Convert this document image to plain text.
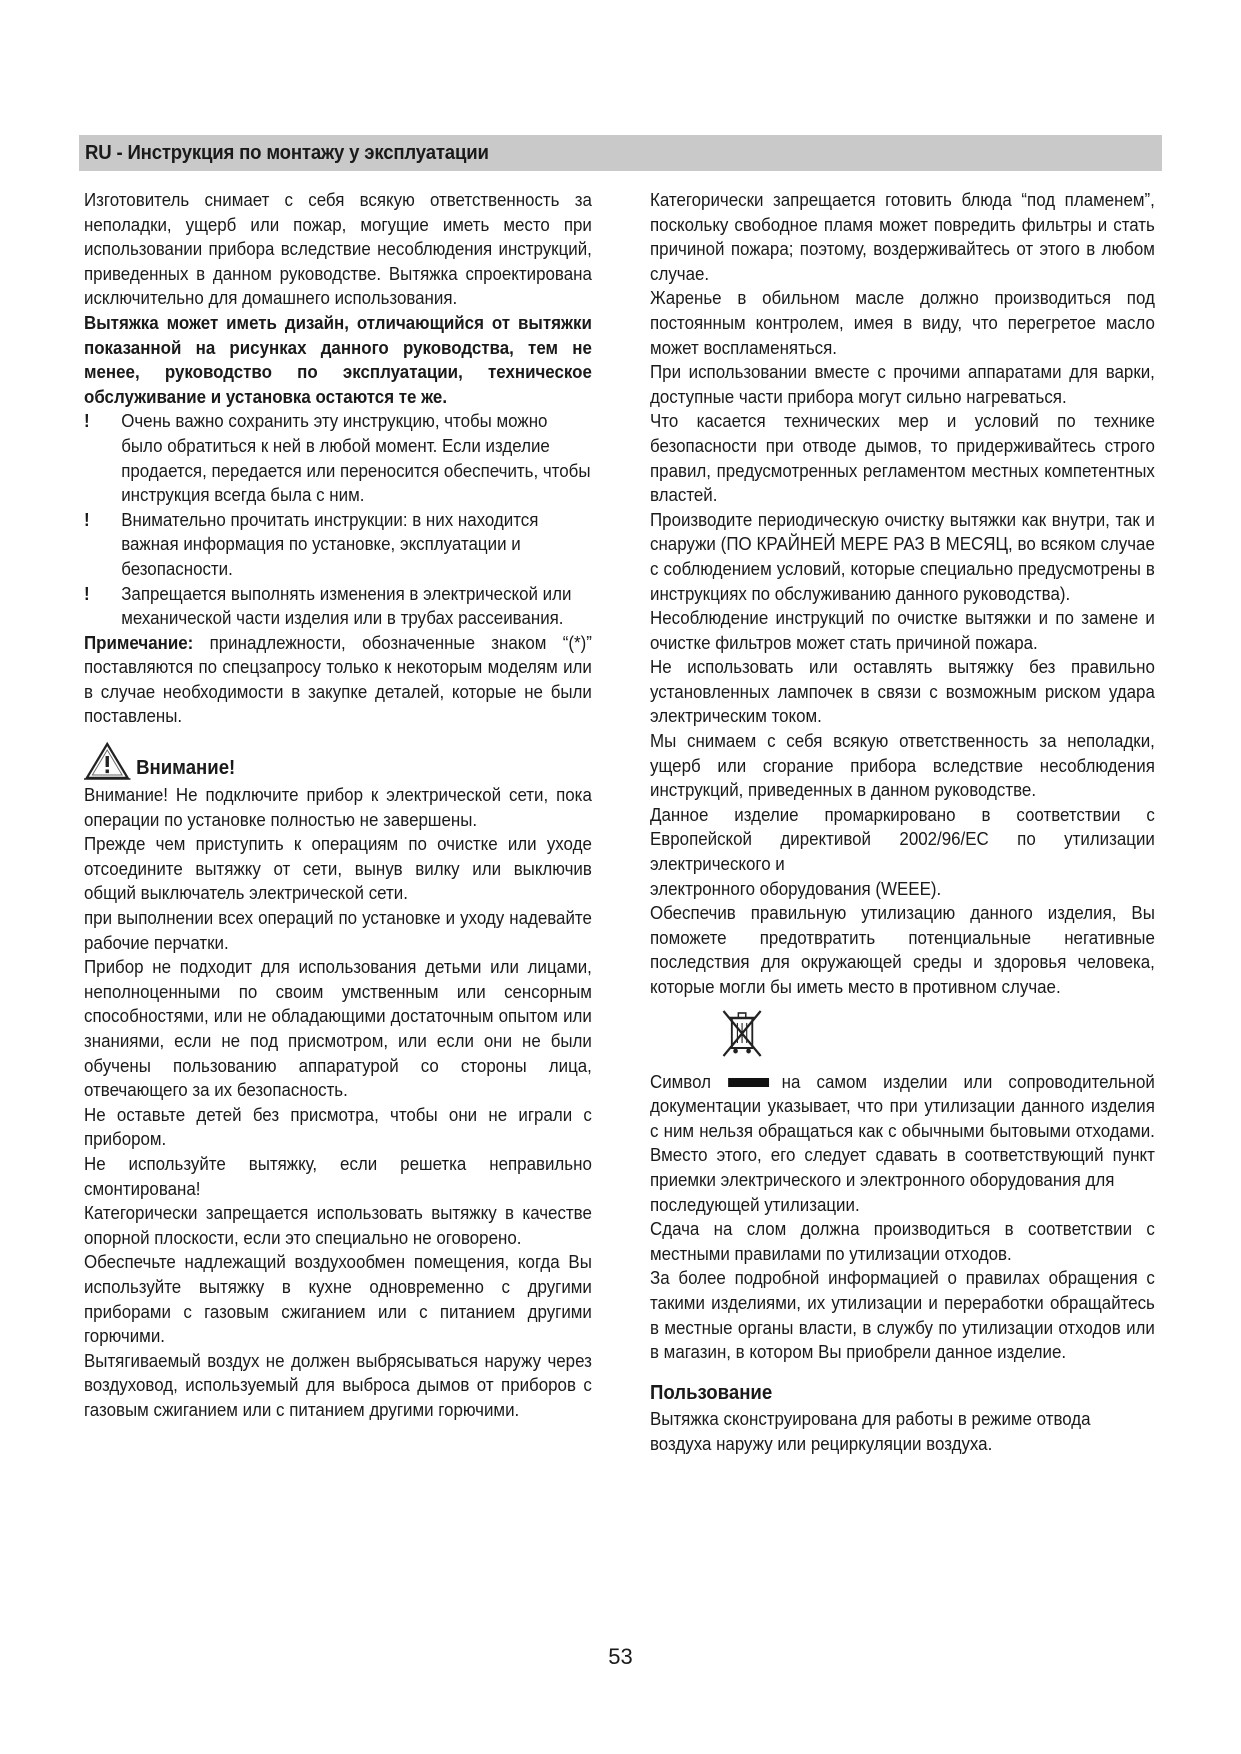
RU - Инструкция по монтажу у эксплуатации

Изготовитель снимает с себя всякую ответственность за неполадки, ущерб или пожар, могущие иметь место при использовании прибора вследствие несоблюдения инструкций, приведенных в данном руководстве. Вытяжка спроектирована исключительно для домашнего использования.

Вытяжка может иметь дизайн, отличающийся от вытяжки показанной на рисунках данного руководства, тем не менее, руководство по эксплуатации, техническое обслуживание и установка остаются те же.

!	Очень важно сохранить эту инструкцию, чтобы можно было обратиться к ней в любой момент. Если изделие продается, передается или переносится обеспечить, чтобы инструкция всегда была с ним.
!	Внимательно прочитать инструкции: в них находится важная информация по установке, эксплуатации и безопасности.
!	Запрещается выполнять изменения в электрической или механической части изделия или в трубах рассеивания.

Примечание: принадлежности, обозначенные знаком “(*)” поставляются по спецзапросу только к некоторым моделям или в случае необходимости в закупке деталей, которые не были поставлены.

Внимание!

Внимание! Не подключите прибор к электрической сети, пока операции по установке полностью не завершены.

Прежде чем приступить к операциям по очистке или уходе отсоедините вытяжку от сети, вынув вилку или выключив общий выключатель электрической сети.

при выполнении всех операций по установке и уходу надевайте рабочие перчатки.

Прибор не подходит для использования детьми или лицами, неполноценными по своим умственным или сенсорным способностями, или не обладающими достаточным опытом или знаниями, если не под присмотром, или если они не были обучены пользованию аппаратурой со стороны лица, отвечающего за их безопасность.

Не оставьте детей без присмотра, чтобы они не играли с прибором.

Не используйте вытяжку, если решетка неправильно смонтирована!

Категорически запрещается использовать вытяжку в качестве опорной плоскости, если это специально не оговорено.

Обеспечьте надлежащий воздухообмен помещения, когда Вы используйте вытяжку в кухне одновременно с другими приборами с газовым сжиганием или с питанием другими горючими.

Вытягиваемый воздух не должен выбрясываться наружу через воздуховод, используемый для выброса дымов от приборов с газовым сжиганием или с питанием другими горючими.

Категорически запрещается готовить блюда “под пламенем”, поскольку свободное пламя может повредить фильтры и стать причиной пожара; поэтому, воздерживайтесь от этого в любом случае.

Жаренье в обильном масле должно производиться под постоянным контролем, имея в виду, что перегретое масло может воспламеняться.

При использовании вместе с прочими аппаратами для варки, доступные части прибора могут сильно нагреваться.

Что касается технических мер и условий по технике безопасности при отводе дымов, то придерживайтесь строго правил, предусмотренных регламентом местных компетентных властей.

Производите периодическую очистку вытяжки как внутри, так и снаружи (ПО КРАЙНЕЙ МЕРЕ РАЗ В МЕСЯЦ, во всяком случае с соблюдением условий, которые специально предусмотрены в инструкциях по обслуживанию данного руководства).

Несоблюдение инструкций по очистке вытяжки и по замене и очистке фильтров может стать причиной пожара.

Не использовать или оставлять вытяжку без правильно установленных лампочек в связи с возможным риском удара электрическим током.

Мы снимаем с себя всякую ответственность за неполадки, ущерб или сгорание прибора вследствие несоблюдения инструкций, приведенных в данном руководстве.

Данное изделие промаркировано в соответствии с Европейской директивой 2002/96/EC по утилизации электрического и

электронного оборудования (WEEE).

Обеспечив правильную утилизацию данного изделия, Вы поможете предотвратить потенциальные негативные последствия для окружающей среды и здоровья человека, которые могли бы иметь место в противном случае.

Символ	на самом изделии или сопроводительной документации указывает, что при утилизации данного изделия с ним нельзя обращаться как с обычными бытовыми отходами. Вместо этого, его следует сдавать в соответствующий пункт приемки электрического и электронного оборудования для

последующей утилизации.

Сдача на слом должна производиться в соответствии с местными правилами по утилизации отходов.

За более подробной информацией о правилах обращения с такими изделиями, их утилизации и переработки обращайтесь в местные органы власти, в службу по утилизации отходов или в магазин, в котором Вы приобрели данное изделие.

Пользование

Вытяжка сконструирована для работы в режиме отвода воздуха наружу или рециркуляции воздуха.

53
